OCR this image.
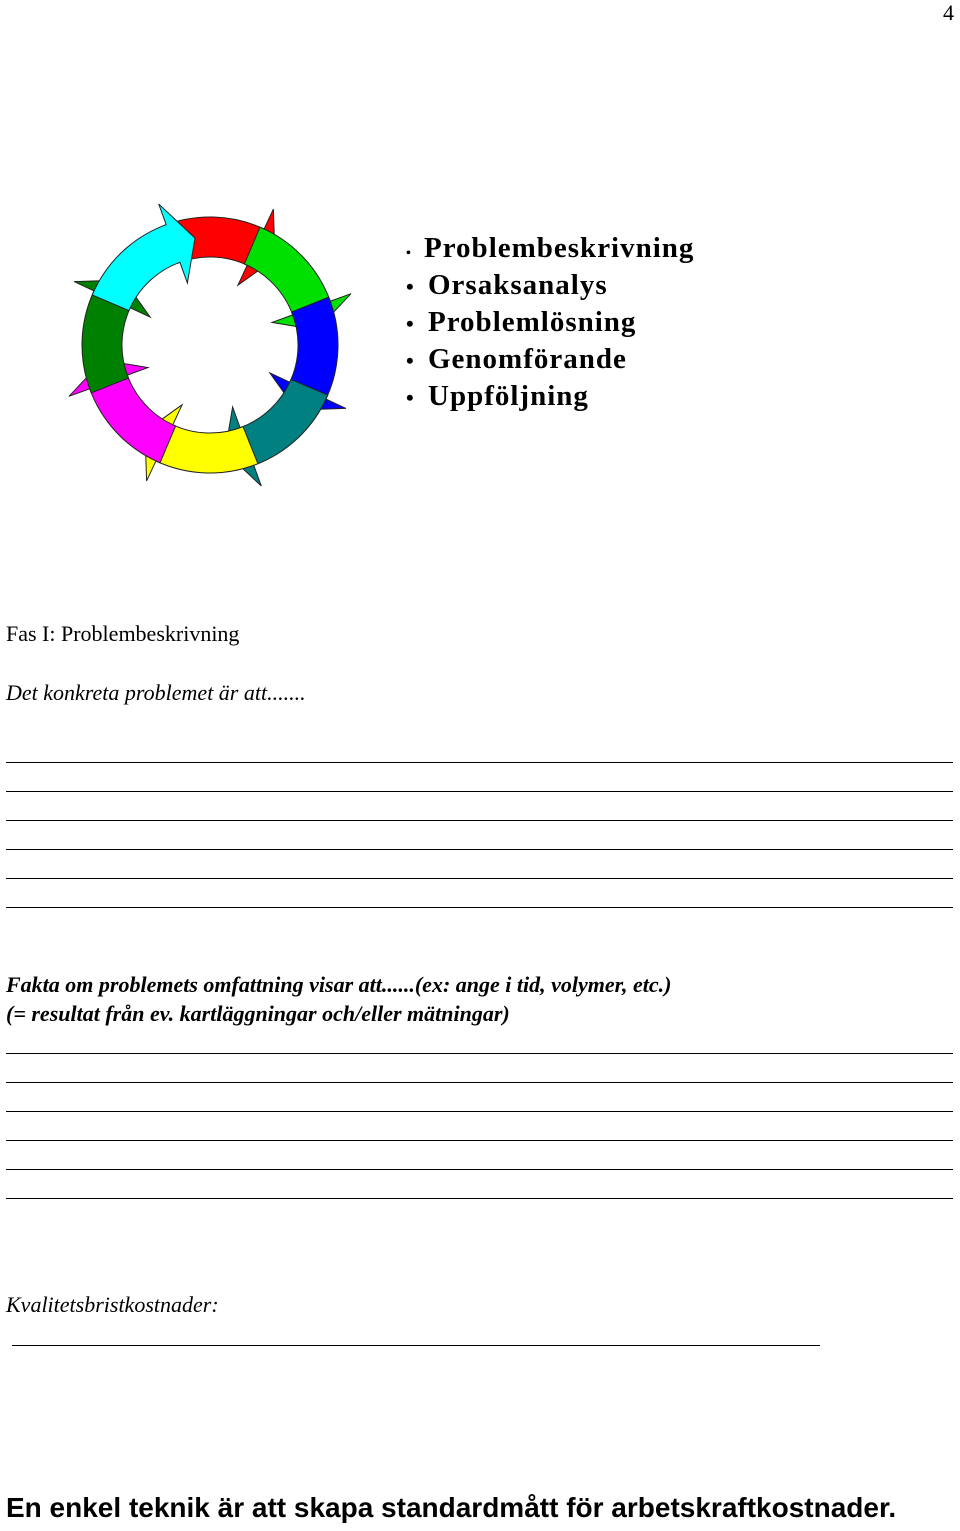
4
• Problembeskrivning
• Orsaksanalys
• Problemlösning
• Genomförande
• Uppföljning
Fas I: Problembeskrivning
Det konkreta problemet är att.......
Fakta om problemets omfattning visar att......(ex: ange i tid, volymer, etc.)
(= resultat från ev. kartläggningar och/eller mätningar)
Kvalitetsbristkostnader:
En enkel teknik är att skapa standardmått för arbetskraftkostnader.
